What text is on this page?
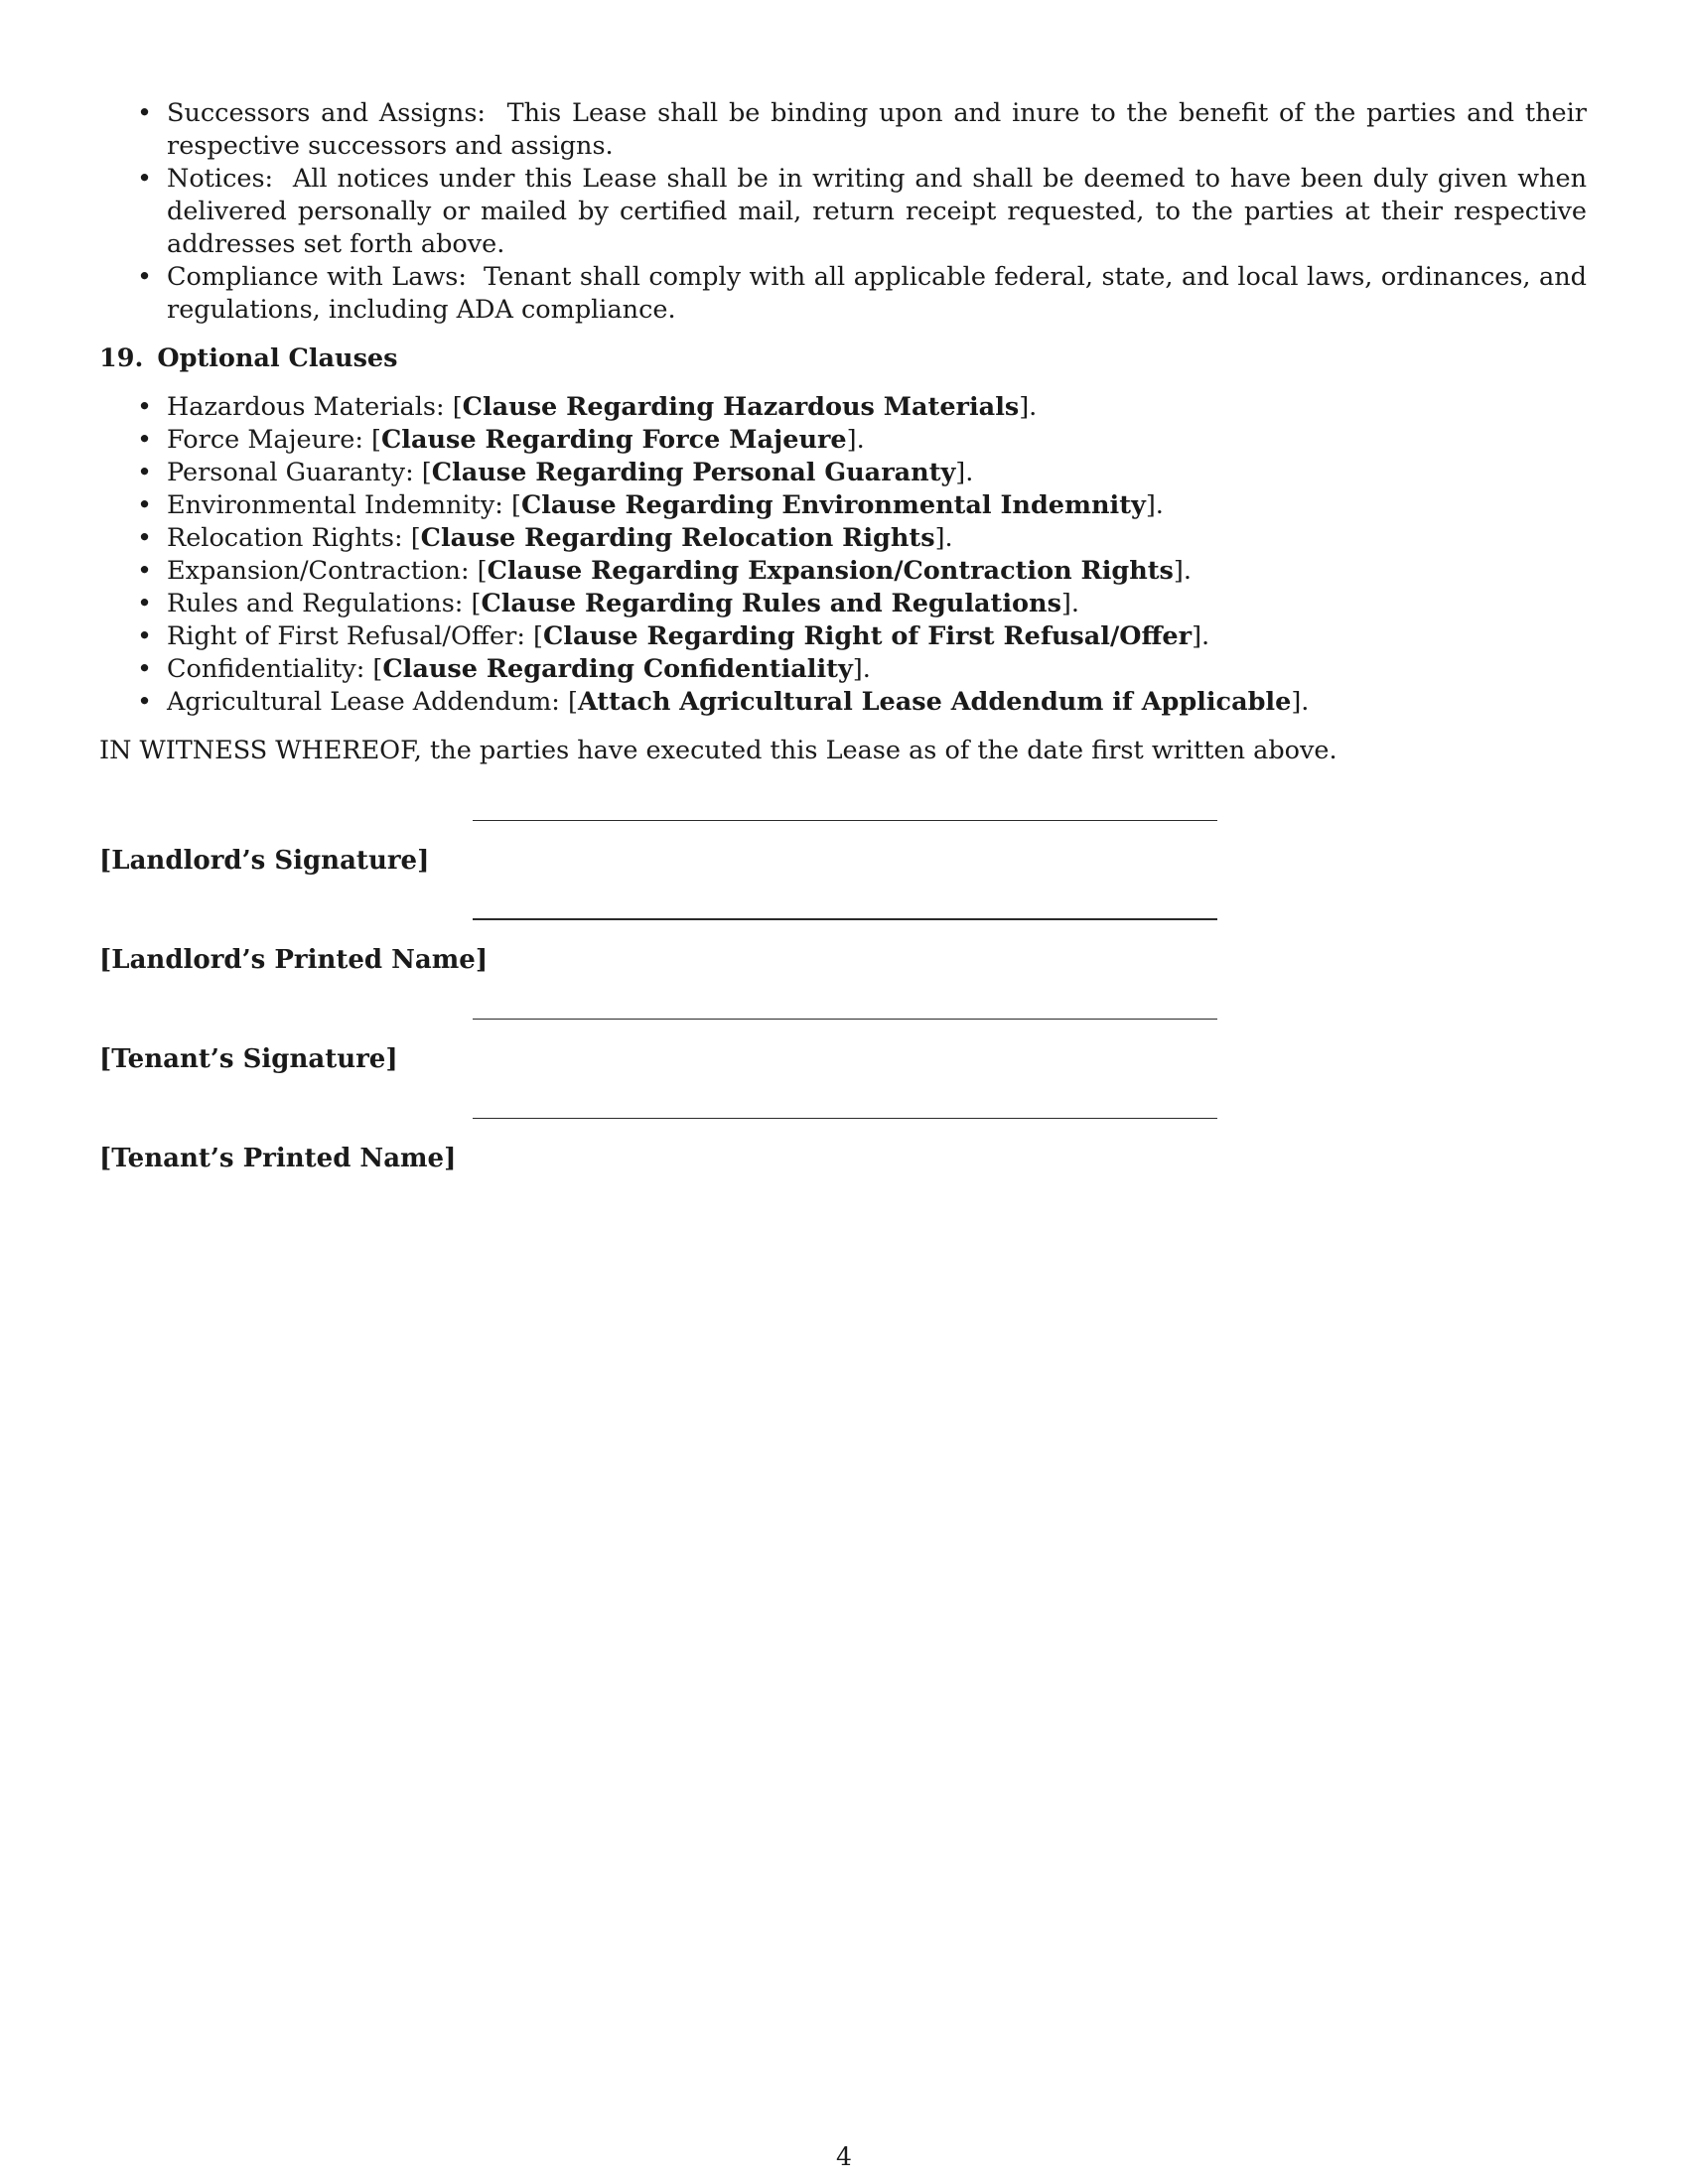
• Successors and Assigns: This Lease shall be binding upon and inure to the benefit of the parties and their respective successors and assigns.
• Notices: All notices under this Lease shall be in writing and shall be deemed to have been duly given when delivered personally or mailed by certified mail, return receipt requested, to the parties at their respective addresses set forth above.
• Compliance with Laws: Tenant shall comply with all applicable federal, state, and local laws, ordinances, and regulations, including ADA compliance.
19. Optional Clauses
• Hazardous Materials: [Clause Regarding Hazardous Materials].
• Force Majeure: [Clause Regarding Force Majeure].
• Personal Guaranty: [Clause Regarding Personal Guaranty].
• Environmental Indemnity: [Clause Regarding Environmental Indemnity].
• Relocation Rights: [Clause Regarding Relocation Rights].
• Expansion/Contraction: [Clause Regarding Expansion/Contraction Rights].
• Rules and Regulations: [Clause Regarding Rules and Regulations].
• Right of First Refusal/Offer: [Clause Regarding Right of First Refusal/Offer].
• Confidentiality: [Clause Regarding Confidentiality].
• Agricultural Lease Addendum: [Attach Agricultural Lease Addendum if Applicable].

IN WITNESS WHEREOF, the parties have executed this Lease as of the date first written above.

[Landlord’s Signature]
[Landlord’s Printed Name]
[Tenant’s Signature]
[Tenant’s Printed Name]
4
